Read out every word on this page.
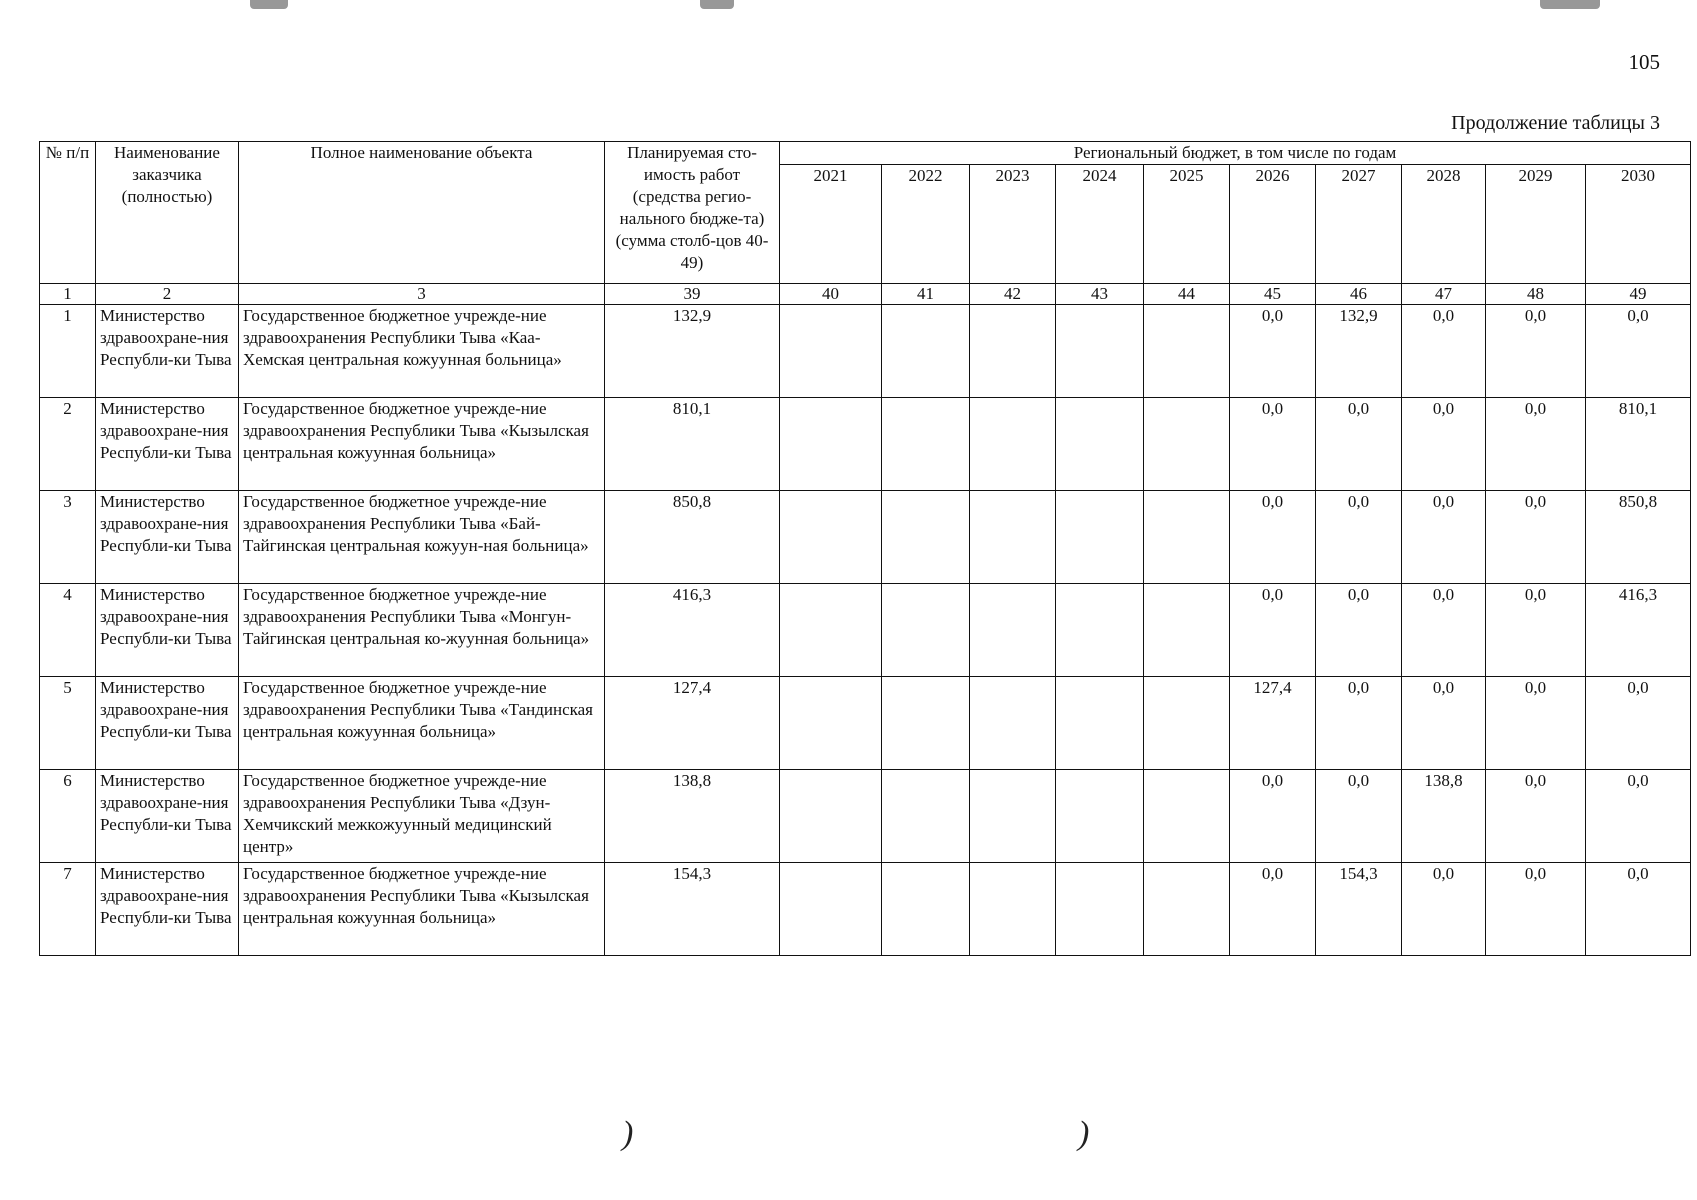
105
Продолжение таблицы 3
№ п/п	Наименование заказчика (полностью)	Полное наименование объекта	Планируемая сто-имость работ (средства регио-нального бюдже-та) (сумма столб-цов 40-49)	Региональный бюджет, в том числе по годам									
				2021	2022	2023	2024	2025	2026	2027	2028	2029	2030
1	2	3	39	40	41	42	43	44	45	46	47	48	49
1	Министерство здравоохране-ния Республи-ки Тыва	Государственное бюджетное учрежде-ние здравоохранения Республики Тыва «Каа-Хемская центральная кожуунная больница»	132,9						0,0	132,9	0,0	0,0	0,0
2	Министерство здравоохране-ния Республи-ки Тыва	Государственное бюджетное учрежде-ние здравоохранения Республики Тыва «Кызылская центральная кожуунная больница»	810,1						0,0	0,0	0,0	0,0	810,1
3	Министерство здравоохране-ния Республи-ки Тыва	Государственное бюджетное учрежде-ние здравоохранения Республики Тыва «Бай-Тайгинская центральная кожуун-ная больница»	850,8						0,0	0,0	0,0	0,0	850,8
4	Министерство здравоохране-ния Республи-ки Тыва	Государственное бюджетное учрежде-ние здравоохранения Республики Тыва «Монгун-Тайгинская центральная ко-жуунная больница»	416,3						0,0	0,0	0,0	0,0	416,3
5	Министерство здравоохране-ния Республи-ки Тыва	Государственное бюджетное учрежде-ние здравоохранения Республики Тыва «Тандинская центральная кожуунная больница»	127,4						127,4	0,0	0,0	0,0	0,0
6	Министерство здравоохране-ния Республи-ки Тыва	Государственное бюджетное учрежде-ние здравоохранения Республики Тыва «Дзун-Хемчикский межкожуунный медицинский центр»	138,8						0,0	0,0	138,8	0,0	0,0
7	Министерство здравоохране-ния Республи-ки Тыва	Государственное бюджетное учрежде-ние здравоохранения Республики Тыва «Кызылская центральная кожуунная больница»	154,3						0,0	154,3	0,0	0,0	0,0
)	)
